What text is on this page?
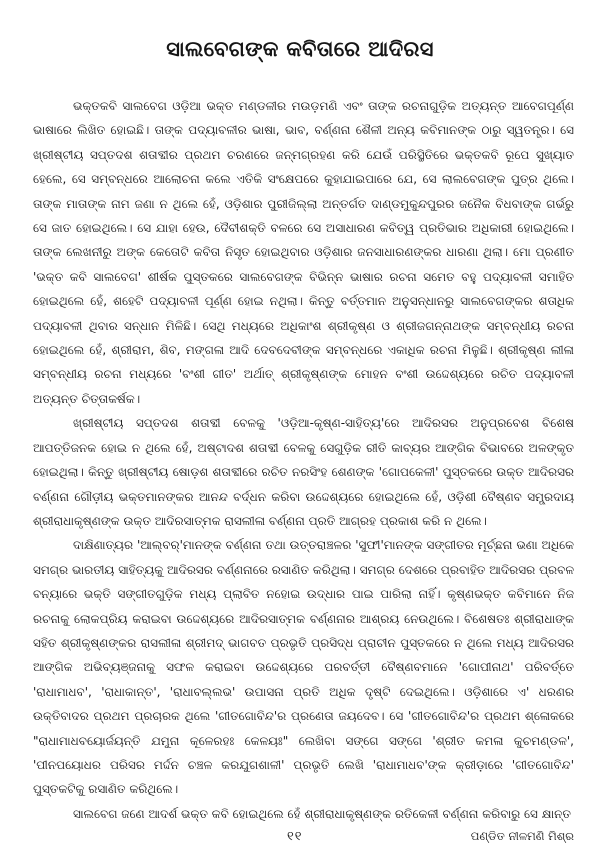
ସାଲବେଗଙ୍କ କବିତାରେ ଆଦିରସ

ଭକ୍ତକବି ସାଲବେଗ ଓଡ଼ିଆ ଭକ୍ତ ମଣ୍ଡଳୀର ମଉଡ଼ମଣି ଏବଂ ତାଙ୍କ ରଚନାଗୁଡ଼ିକ ଅତ୍ୟନ୍ତ ଆବେଗପୂର୍ଣ୍ଣ ଭାଷାରେ ଲିଖିତ ହୋଇଛି। ତାଙ୍କ ପଦ୍ୟାବଳୀର ଭାଷା, ଭାବ, ବର୍ଣ୍ଣନା ଶୈଳୀ ଅନ୍ୟ କବିମାନଙ୍କ ଠାରୁ ସ୍ୱତନ୍ତ୍ର। ସେ ଖ୍ରୀଷ୍ଟୀୟ ସପ୍ତଦଶ ଶତାବ୍ଦୀର ପ୍ରଥମ ଚରଣରେ ଜନ୍ମଗ୍ରହଣ କରି ଯେଉଁ ପରିସ୍ଥିତିରେ ଭକ୍ତକବି ରୂପେ ସୁଖ୍ୟାତ ହେଲେ, ସେ ସମ୍ବନ୍ଧରେ ଆଲୋଚନା କଲେ ଏତିକି ସଂକ୍ଷେପରେ କୁହାଯାଇପାରେ ଯେ, ସେ ଲାଲବେଗଙ୍କ ପୁତ୍ର ଥିଲେ। ତାଙ୍କ ମାତାଙ୍କ ନାମ ଜଣା ନ ଥିଲେ ହେଁ, ଓଡ଼ିଶାର ପୁରୀଜିଲ୍ଲା ଅନ୍ତର୍ଗତ ଦାଣ୍ଡମୁକୁନ୍ଦପୁରର ଜନୈକ ବିଧବାଙ୍କ ଗର୍ଭରୁ ସେ ଜାତ ହୋଇଥିଲେ। ସେ ଯାହା ହେଉ, ଦୈବୀଶକ୍ତି ବଳରେ ସେ ଅସାଧାରଣ କବିତ୍ୱ ପ୍ରତିଭାର ଅଧିକାରୀ ହୋଇଥିଲେ। ତାଙ୍କ ଲେଖନୀରୁ ଅଙ୍କ କେତୋଟି କବିତା ନିସୃତ ହୋଇଥିବାର ଓଡ଼ିଶାର ଜନସାଧାରଣଙ୍କର ଧାରଣା ଥିଲା। ମୋ ପ୍ରଣୀତ 'ଭକ୍ତ କବି ସାଲବେଗ' ଶୀର୍ଷକ ପୁସ୍ତକରେ ସାଲବେଗଙ୍କ ବିଭିନ୍ନ ଭାଷାର ରଚନା ସମେତ ବହୁ ପଦ୍ୟାବଳୀ ସମାହିତ ହୋଇଥିଲେ ହେଁ, ଶହେଟି ପଦ୍ୟାବଳୀ ପୂର୍ଣ୍ଣ ହୋଇ ନଥିଲା। କିନ୍ତୁ ବର୍ତ୍ତମାନ ଅନୁସନ୍ଧାନରୁ ସାଲବେଗଙ୍କର ଶତାଧିକ ପଦ୍ୟାବଳୀ ଥିବାର ସନ୍ଧାନ ମିଳିଛି। ସେଥି ମଧ୍ୟରେ ଅଧିକାଂଶ ଶ୍ରୀକୃଷ୍ଣ ଓ ଶ୍ରୀଜଗନ୍ନାଥଙ୍କ ସମ୍ବନ୍ଧୀୟ ରଚନା ହୋଇଥିଲେ ହେଁ, ଶ୍ରୀରାମ, ଶିବ, ମଙ୍ଗଳା ଆଦି ଦେବଦେବୀଙ୍କ ସମ୍ବନ୍ଧରେ ଏକାଧିକ ରଚନା ମିଳୁଛି। ଶ୍ରୀକୃଷ୍ଣ ଲୀଳା ସମ୍ବନ୍ଧୀୟ ରଚନା ମଧ୍ୟରେ 'ବଂଶୀ ଗୀତ' ଅର୍ଥାତ୍ ଶ୍ରୀକୃଷ୍ଣଙ୍କ ମୋହନ ବଂଶୀ ଉଦ୍ଦେଶ୍ୟରେ ରଚିତ ପଦ୍ୟାବଳୀ ଅତ୍ୟନ୍ତ ଚିତ୍ତାକର୍ଷକ।

ଖ୍ରୀଷ୍ଟୀୟ ସପ୍ତଦଶ ଶତାବ୍ଦୀ ବେଳକୁ 'ଓଡ଼ିଆ-କୃଷ୍ଣ-ସାହିତ୍ୟ'ରେ ଆଦିରସର ଅନୁପ୍ରବେଶ ବିଶେଷ ଆପତ୍ତିଜନକ ହୋଇ ନ ଥିଲେ ହେଁ, ଅଷ୍ଟାଦଶ ଶତାବ୍ଦୀ ବେଳକୁ ସେଗୁଡ଼ିକ ରୀତି କାବ୍ୟର ଆଙ୍ଗିକ ବିଭାବରେ ଅଳଙ୍କୃତ ହୋଇଥିଲା। କିନ୍ତୁ ଖ୍ରୀଷ୍ଟୀୟ ଷୋଡ଼ଶ ଶତାବ୍ଦୀରେ ରଚିତ ନରସିଂହ ଶେଣଙ୍କ 'ଗୋପକେଳୀ' ପୁସ୍ତକରେ ଉକ୍ତ ଆଦିରସର ବର୍ଣ୍ଣନା ଗୌଡ଼ୀୟ ଭକ୍ତମାନଙ୍କର ଆନନ୍ଦ ବର୍ଦ୍ଧନ କରିବା ଉଦ୍ଦେଶ୍ୟରେ ହୋଇଥିଲେ ହେଁ, ଓଡ଼ିଶୀ ବୈଷ୍ଣବ ସମ୍ପ୍ରଦାୟ ଶ୍ରୀରାଧାକୃଷ୍ଣଙ୍କ ଉକ୍ତ ଆଦିରସାତ୍ମକ ରାସଲୀଳା ବର୍ଣ୍ଣନା ପ୍ରତି ଆଗ୍ରହ ପ୍ରକାଶ କରି ନ ଥିଲେ।

ଦାକ୍ଷିଣାତ୍ୟର 'ଆଲ୍‌ବର୍'ମାନଙ୍କ ବର୍ଣ୍ଣନା ତଥା ଉତ୍ତରାଞ୍ଚଳର 'ସୁଫୀ'ମାନଙ୍କ ସଙ୍ଗୀତର ମୂର୍ଚ୍ଛନା ଭଣା ଅଧିକେ ସମଗ୍ର ଭାରତୀୟ ସାହିତ୍ୟକୁ ଆଦିରସର ବର୍ଣ୍ଣନାରେ ରସାଣିତ କରିଥିଲା। ସମଗ୍ର ଦେଶରେ ପ୍ରବାହିତ ଆଦିରସର ପ୍ରବଳ ବନ୍ୟାରେ ଭକ୍ତି ସଙ୍ଗୀତଗୁଡ଼ିକ ମଧ୍ୟ ପ୍ଲାବିତ ନହୋଇ ଉଦ୍ଧାର ପାଇ ପାରିଲା ନାହିଁ। କୃଷ୍ଣଭକ୍ତ କବିମାନେ ନିଜ ରଚନାକୁ ଲୋକପ୍ରିୟ କରାଇବା ଉଦ୍ଦେଶ୍ୟରେ ଆଦିରସାତ୍ମକ ବର୍ଣ୍ଣନାର ଆଶ୍ରୟ ନେଉଥିଲେ। ବିଶେଷତଃ ଶ୍ରୀରାଧାଙ୍କ ସହିତ ଶ୍ରୀକୃଷ୍ଣଙ୍କର ରାସଲୀଳା ଶ୍ରୀମଦ୍ ଭାଗବତ ପ୍ରଭୃତି ପ୍ରସିଦ୍ଧ ପ୍ରାଚୀନ ପୁସ୍ତକରେ ନ ଥିଲେ ମଧ୍ୟ ଆଦିରସର ଆଙ୍ଗିକ ଅଭିବ୍ୟଞ୍ଜନାକୁ ସଫଳ କରାଇବା ଉଦ୍ଦେଶ୍ୟରେ ପରବର୍ତ୍ତୀ ବୈଷ୍ଣବମାନେ 'ଗୋପୀନାଥ' ପରିବର୍ତ୍ତେ 'ରାଧାମାଧବ', 'ରାଧାକାନ୍ତ', 'ରାଧାବଲ୍ଲଭ' ଉପାସନା ପ୍ରତି ଅଧିକ ଦୃଷ୍ଟି ଦେଇଥିଲେ। ଓଡ଼ିଶାରେ ଏ' ଧରଣର ଉକ୍ତିବାଦର ପ୍ରଥମ ପ୍ରଚାରକ ଥିଲେ 'ଗୀତଗୋବିନ୍ଦ'ର ପ୍ରଣେତା ଜୟଦେବ। ସେ 'ଗୀତଗୋବିନ୍ଦ'ର ପ୍ରଥମ ଶ୍ଳୋକରେ "ରାଧାମାଧବୟୋର୍ଜୟନ୍ତି ଯମୁନା କୂଳେରହଃ କେଳୟଃ" ଲେଖିବା ସଙ୍ଗେ ସଙ୍ଗେ 'ଶ୍ରୀତ କମଳା କୁଚମଣ୍ଡଳ', 'ପୀନପୟୋଧର ପରିସର ମର୍ଦ୍ଦନ ଚଞ୍ଚଳ କରଯୁଗଶାଳୀ' ପ୍ରଭୃତି ଲେଖି 'ରାଧାମାଧବ'ଙ୍କ କ୍ରୀଡ଼ାରେ 'ଗୀତଗୋବିନ୍ଦ' ପୁସ୍ତକଟିକୁ ରସାଣିତ କରିଥିଲେ।

ସାଲବେଗ ଜଣେ ଆଦର୍ଶ ଭକ୍ତ କବି ହୋଇଥିଲେ ହେଁ ଶ୍ରୀରାଧାକୃଷ୍ଣଙ୍କ ରତିକେଳୀ ବର୍ଣ୍ଣନା କରିବାରୁ ସେ କ୍ଷାନ୍ତ

୧୧	ପଣ୍ଡିତ ନୀଳମଣି ମିଶ୍ର
